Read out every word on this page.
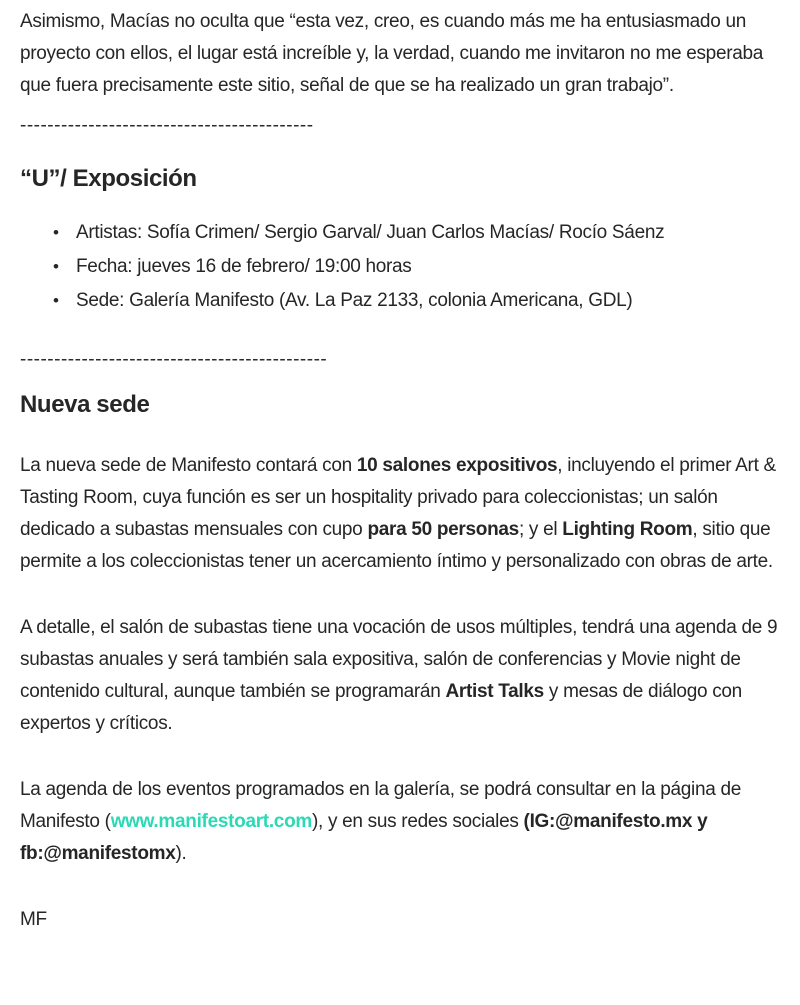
Asimismo, Macías no oculta que “esta vez, creo, es cuando más me ha entusiasmado un proyecto con ellos, el lugar está increíble y, la verdad, cuando me invitaron no me esperaba que fuera precisamente este sitio, señal de que se ha realizado un gran trabajo”.

-------------------------------------------

“U”/ Exposición
• Artistas: Sofía Crimen/ Sergio Garval/ Juan Carlos Macías/ Rocío Sáenz
• Fecha: jueves 16 de febrero/ 19:00 horas
• Sede: Galería Manifesto (Av. La Paz 2133, colonia Americana, GDL)

---------------------------------------------

Nueva sede

La nueva sede de Manifesto contará con 10 salones expositivos, incluyendo el primer Art & Tasting Room, cuya función es ser un hospitality privado para coleccionistas; un salón dedicado a subastas mensuales con cupo para 50 personas; y el Lighting Room, sitio que permite a los coleccionistas tener un acercamiento íntimo y personalizado con obras de arte.

A detalle, el salón de subastas tiene una vocación de usos múltiples, tendrá una agenda de 9 subastas anuales y será también sala expositiva, salón de conferencias y Movie night de contenido cultural, aunque también se programarán Artist Talks y mesas de diálogo con expertos y críticos.

La agenda de los eventos programados en la galería, se podrá consultar en la página de Manifesto (www.manifestoart.com), y en sus redes sociales (IG:@manifesto.mx y fb:@manifestomx).

MF
